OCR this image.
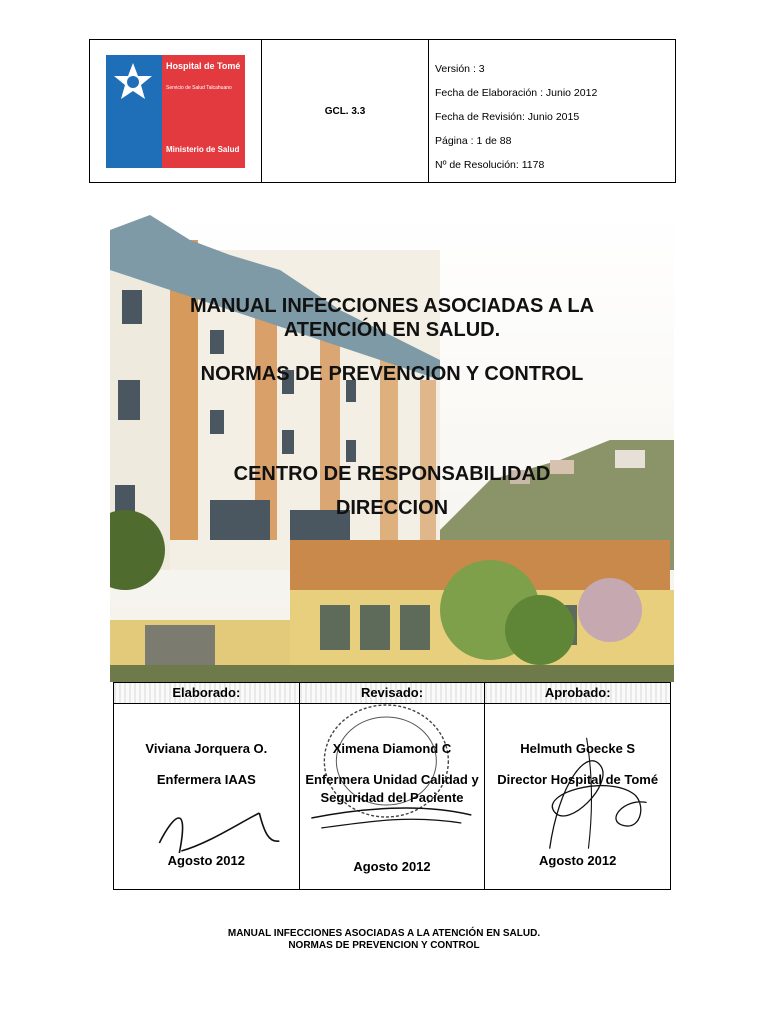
Hospital de Tomé
Servicio de Salud Talcahuano
Ministerio de Salud
GCL. 3.3
Versión : 3
Fecha de Elaboración : Junio 2012
Fecha de Revisión: Junio 2015
Página : 1 de 88
Nº de Resolución: 1178
MANUAL INFECCIONES ASOCIADAS A LA
ATENCIÓN EN SALUD.
NORMAS DE PREVENCION Y CONTROL
CENTRO DE RESPONSABILIDAD
DIRECCION
Elaborado:
Viviana Jorquera O.
Enfermera IAAS
Agosto 2012
Revisado:
Ximena Diamond C
Enfermera Unidad Calidad y Seguridad del Paciente
Agosto 2012
Aprobado:
Helmuth Goecke S
Director Hospital de Tomé
Agosto 2012
MANUAL INFECCIONES ASOCIADAS A LA ATENCIÓN EN SALUD.
NORMAS DE PREVENCION Y CONTROL
